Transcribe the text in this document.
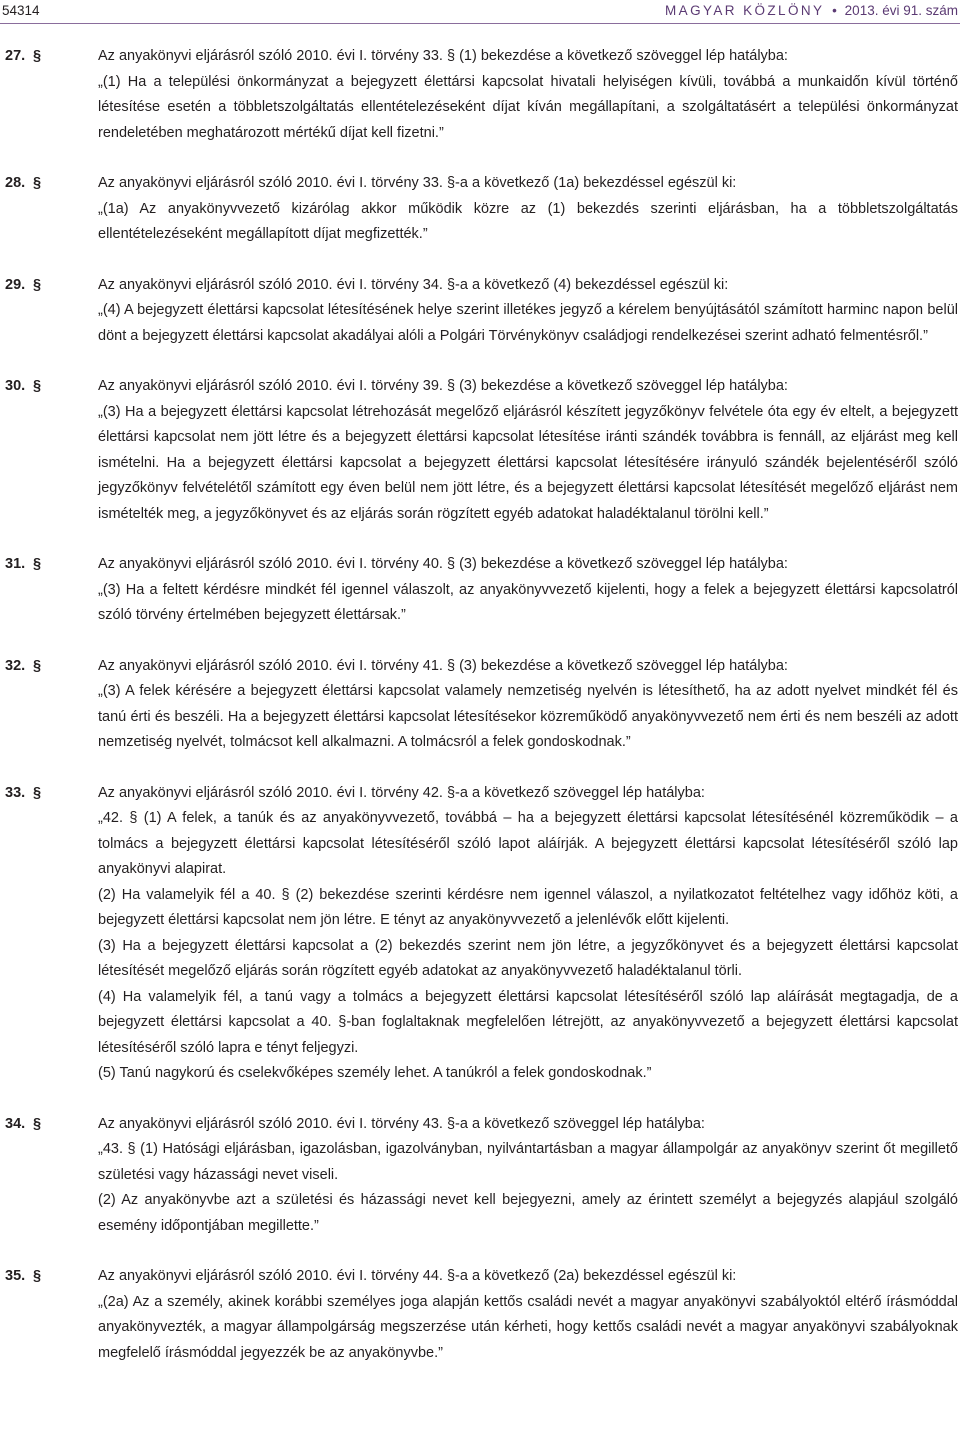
54314	MAGYAR KÖZLÖNY • 2013. évi 91. szám
27. §	Az anyakönyvi eljárásról szóló 2010. évi I. törvény 33. § (1) bekezdése a következő szöveggel lép hatályba:

„(1) Ha a települési önkormányzat a bejegyzett élettársi kapcsolat hivatali helyiségen kívüli, továbbá a munkaidőn kívül történő létesítése esetén a többletszolgáltatás ellentételezéseként díjat kíván megállapítani, a szolgáltatásért a települési önkormányzat rendeletében meghatározott mértékű díjat kell fizetni.”

28. §	Az anyakönyvi eljárásról szóló 2010. évi I. törvény 33. §-a a következő (1a) bekezdéssel egészül ki:

„(1a) Az anyakönyvvezető kizárólag akkor működik közre az (1) bekezdés szerinti eljárásban, ha a többletszolgáltatás ellentételezéseként megállapított díjat megfizették.”

29. §	Az anyakönyvi eljárásról szóló 2010. évi I. törvény 34. §-a a következő (4) bekezdéssel egészül ki:

„(4) A bejegyzett élettársi kapcsolat létesítésének helye szerint illetékes jegyző a kérelem benyújtásától számított harminc napon belül dönt a bejegyzett élettársi kapcsolat akadályai alóli a Polgári Törvénykönyv családjogi rendelkezései szerint adható felmentésről.”

30. §	Az anyakönyvi eljárásról szóló 2010. évi I. törvény 39. § (3) bekezdése a következő szöveggel lép hatályba:

„(3) Ha a bejegyzett élettársi kapcsolat létrehozását megelőző eljárásról készített jegyzőkönyv felvétele óta egy év eltelt, a bejegyzett élettársi kapcsolat nem jött létre és a bejegyzett élettársi kapcsolat létesítése iránti szándék továbbra is fennáll, az eljárást meg kell ismételni. Ha a bejegyzett élettársi kapcsolat a bejegyzett élettársi kapcsolat létesítésére irányuló szándék bejelentéséről szóló jegyzőkönyv felvételétől számított egy éven belül nem jött létre, és a bejegyzett élettársi kapcsolat létesítését megelőző eljárást nem ismételték meg, a jegyzőkönyvet és az eljárás során rögzített egyéb adatokat haladéktalanul törölni kell.”

31. §	Az anyakönyvi eljárásról szóló 2010. évi I. törvény 40. § (3) bekezdése a következő szöveggel lép hatályba:

„(3) Ha a feltett kérdésre mindkét fél igennel válaszolt, az anyakönyvvezető kijelenti, hogy a felek a bejegyzett élettársi kapcsolatról szóló törvény értelmében bejegyzett élettársak.”

32. §	Az anyakönyvi eljárásról szóló 2010. évi I. törvény 41. § (3) bekezdése a következő szöveggel lép hatályba:

„(3) A felek kérésére a bejegyzett élettársi kapcsolat valamely nemzetiség nyelvén is létesíthető, ha az adott nyelvet mindkét fél és tanú érti és beszéli. Ha a bejegyzett élettársi kapcsolat létesítésekor közreműködő anyakönyvvezető nem érti és nem beszéli az adott nemzetiség nyelvét, tolmácsot kell alkalmazni. A tolmácsról a felek gondoskodnak.”

33. §	Az anyakönyvi eljárásról szóló 2010. évi I. törvény 42. §-a a következő szöveggel lép hatályba:

„42. § (1) A felek, a tanúk és az anyakönyvvezető, továbbá – ha a bejegyzett élettársi kapcsolat létesítésénél közreműködik – a tolmács a bejegyzett élettársi kapcsolat létesítéséről szóló lapot aláírják. A bejegyzett élettársi kapcsolat létesítéséről szóló lap anyakönyvi alapirat.

(2) Ha valamelyik fél a 40. § (2) bekezdése szerinti kérdésre nem igennel válaszol, a nyilatkozatot feltételhez vagy időhöz köti, a bejegyzett élettársi kapcsolat nem jön létre. E tényt az anyakönyvvezető a jelenlévők előtt kijelenti.

(3) Ha a bejegyzett élettársi kapcsolat a (2) bekezdés szerint nem jön létre, a jegyzőkönyvet és a bejegyzett élettársi kapcsolat létesítését megelőző eljárás során rögzített egyéb adatokat az anyakönyvvezető haladéktalanul törli.

(4) Ha valamelyik fél, a tanú vagy a tolmács a bejegyzett élettársi kapcsolat létesítéséről szóló lap aláírását megtagadja, de a bejegyzett élettársi kapcsolat a 40. §-ban foglaltaknak megfelelően létrejött, az anyakönyvvezető a bejegyzett élettársi kapcsolat létesítéséről szóló lapra e tényt feljegyzi.

(5) Tanú nagykorú és cselekvőképes személy lehet. A tanúkról a felek gondoskodnak.”

34. §	Az anyakönyvi eljárásról szóló 2010. évi I. törvény 43. §-a a következő szöveggel lép hatályba:

„43. § (1) Hatósági eljárásban, igazolásban, igazolványban, nyilvántartásban a magyar állampolgár az anyakönyv szerint őt megillető születési vagy házassági nevet viseli.

(2) Az anyakönyvbe azt a születési és házassági nevet kell bejegyezni, amely az érintett személyt a bejegyzés alapjául szolgáló esemény időpontjában megillette.”

35. §	Az anyakönyvi eljárásról szóló 2010. évi I. törvény 44. §-a a következő (2a) bekezdéssel egészül ki:

„(2a) Az a személy, akinek korábbi személyes joga alapján kettős családi nevét a magyar anyakönyvi szabályoktól eltérő írásmóddal anyakönyvezték, a magyar állampolgárság megszerzése után kérheti, hogy kettős családi nevét a magyar anyakönyvi szabályoknak megfelelő írásmóddal jegyezzék be az anyakönyvbe.”
